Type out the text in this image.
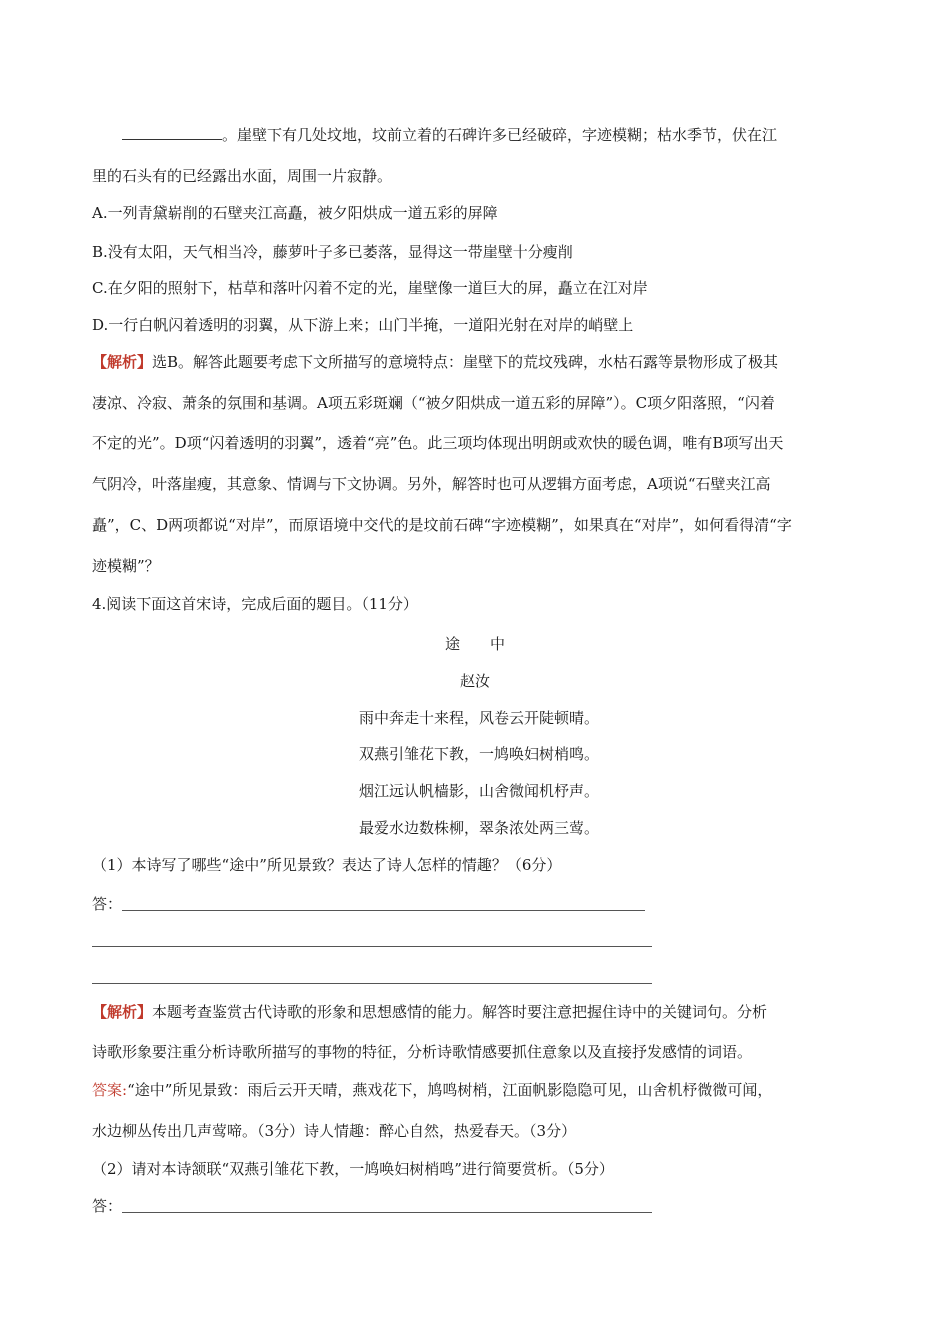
。崖壁下有几处坟地，坟前立着的石碑许多已经破碎，字迹模糊；枯水季节，伏在江
里的石头有的已经露出水面，周围一片寂静。
A.一列青黛崭削的石壁夹江高矗，被夕阳烘成一道五彩的屏障
B.没有太阳，天气相当冷，藤萝叶子多已萎落，显得这一带崖壁十分瘦削
C.在夕阳的照射下，枯草和落叶闪着不定的光，崖壁像一道巨大的屏，矗立在江对岸
D.一行白帆闪着透明的羽翼，从下游上来；山门半掩，一道阳光射在对岸的峭壁上
【解析】选B。解答此题要考虑下文所描写的意境特点：崖壁下的荒坟残碑，水枯石露等景物形成了极其
凄凉、冷寂、萧条的氛围和基调。A项五彩斑斓（“被夕阳烘成一道五彩的屏障”）。C项夕阳落照，“闪着
不定的光”。D项“闪着透明的羽翼”，透着“亮”色。此三项均体现出明朗或欢快的暖色调，唯有B项写出天
气阴冷，叶落崖瘦，其意象、情调与下文协调。另外，解答时也可从逻辑方面考虑，A项说“石壁夹江高
矗”，C、D两项都说“对岸”，而原语境中交代的是坟前石碑“字迹模糊”，如果真在“对岸”，如何看得清“字
迹模糊”？
4.阅读下面这首宋诗，完成后面的题目。（11分）
途　　中
赵汝
雨中奔走十来程，风卷云开陡顿晴。
双燕引雏花下教，一鸠唤妇树梢鸣。
烟江远认帆樯影，山舍微闻机杼声。
最爱水边数株柳，翠条浓处两三莺。
（1）本诗写了哪些“途中”所见景致？表达了诗人怎样的情趣？（6分）
答：
【解析】本题考查鉴赏古代诗歌的形象和思想感情的能力。解答时要注意把握住诗中的关键词句。分析
诗歌形象要注重分析诗歌所描写的事物的特征，分析诗歌情感要抓住意象以及直接抒发感情的词语。
答案:“途中”所见景致：雨后云开天晴，燕戏花下，鸠鸣树梢，江面帆影隐隐可见，山舍机杼微微可闻，
水边柳丛传出几声莺啼。（3分）诗人情趣：醉心自然，热爱春天。（3分）
（2）请对本诗颔联“双燕引雏花下教，一鸠唤妇树梢鸣”进行简要赏析。（5分）
答：
